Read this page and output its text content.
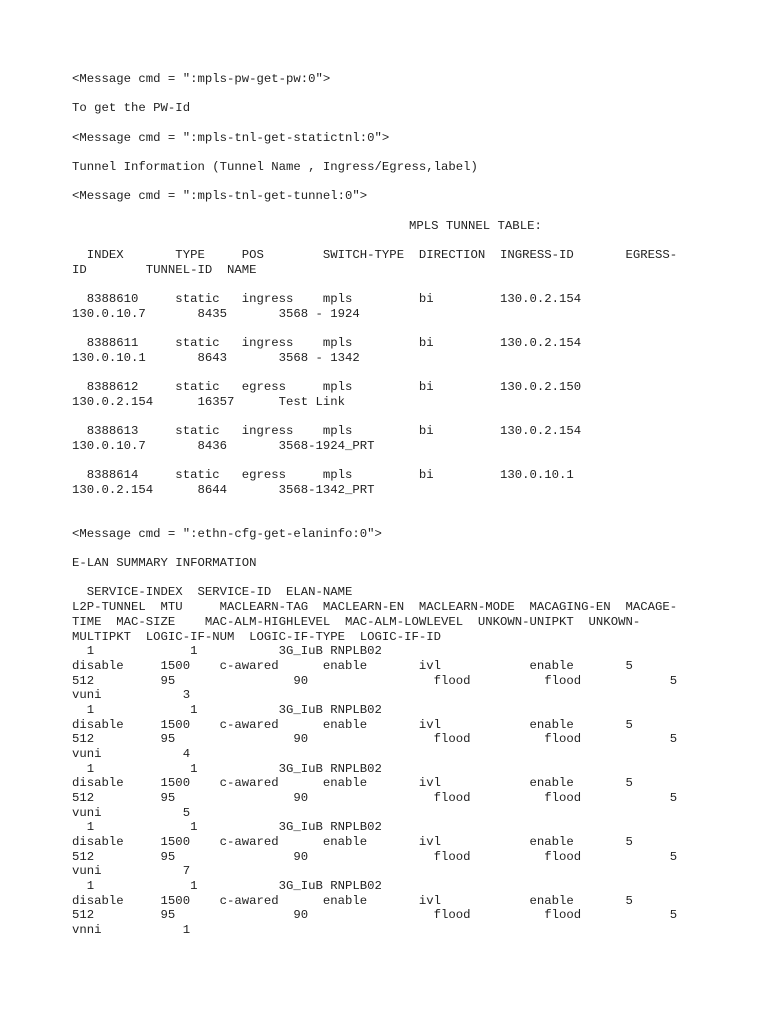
<Message cmd = ":mpls-pw-get-pw:0">
To get the PW-Id
<Message cmd = ":mpls-tnl-get-statictnl:0">
Tunnel Information (Tunnel Name , Ingress/Egress,label)
<Message cmd = ":mpls-tnl-get-tunnel:0">
MPLS TUNNEL TABLE:
INDEX       TYPE     POS        SWITCH-TYPE  DIRECTION  INGRESS-ID       EGRESS-
ID        TUNNEL-ID  NAME
8388610     static   ingress    mpls         bi         130.0.2.154
130.0.10.7       8435       3568 - 1924
8388611     static   ingress    mpls         bi         130.0.2.154
130.0.10.1       8643       3568 - 1342
8388612     static   egress     mpls         bi         130.0.2.150
130.0.2.154      16357      Test Link
8388613     static   ingress    mpls         bi         130.0.2.154
130.0.10.7       8436       3568-1924_PRT
8388614     static   egress     mpls         bi         130.0.10.1
130.0.2.154      8644       3568-1342_PRT
<Message cmd = ":ethn-cfg-get-elaninfo:0">
E-LAN SUMMARY INFORMATION
SERVICE-INDEX  SERVICE-ID  ELAN-NAME
L2P-TUNNEL  MTU     MACLEARN-TAG  MACLEARN-EN  MACLEARN-MODE  MACAGING-EN  MACAGE-
TIME  MAC-SIZE    MAC-ALM-HIGHLEVEL  MAC-ALM-LOWLEVEL  UNKOWN-UNIPKT  UNKOWN-
MULTIPKT  LOGIC-IF-NUM  LOGIC-IF-TYPE  LOGIC-IF-ID
1             1           3G_IuB RNPLB02
disable     1500    c-awared      enable       ivl            enable       5
512         95                90                 flood          flood            5
vuni           3
1             1           3G_IuB RNPLB02
disable     1500    c-awared      enable       ivl            enable       5
512         95                90                 flood          flood            5
vuni           4
1             1           3G_IuB RNPLB02
disable     1500    c-awared      enable       ivl            enable       5
512         95                90                 flood          flood            5
vuni           5
1             1           3G_IuB RNPLB02
disable     1500    c-awared      enable       ivl            enable       5
512         95                90                 flood          flood            5
vuni           7
1             1           3G_IuB RNPLB02
disable     1500    c-awared      enable       ivl            enable       5
512         95                90                 flood          flood            5
vnni           1
